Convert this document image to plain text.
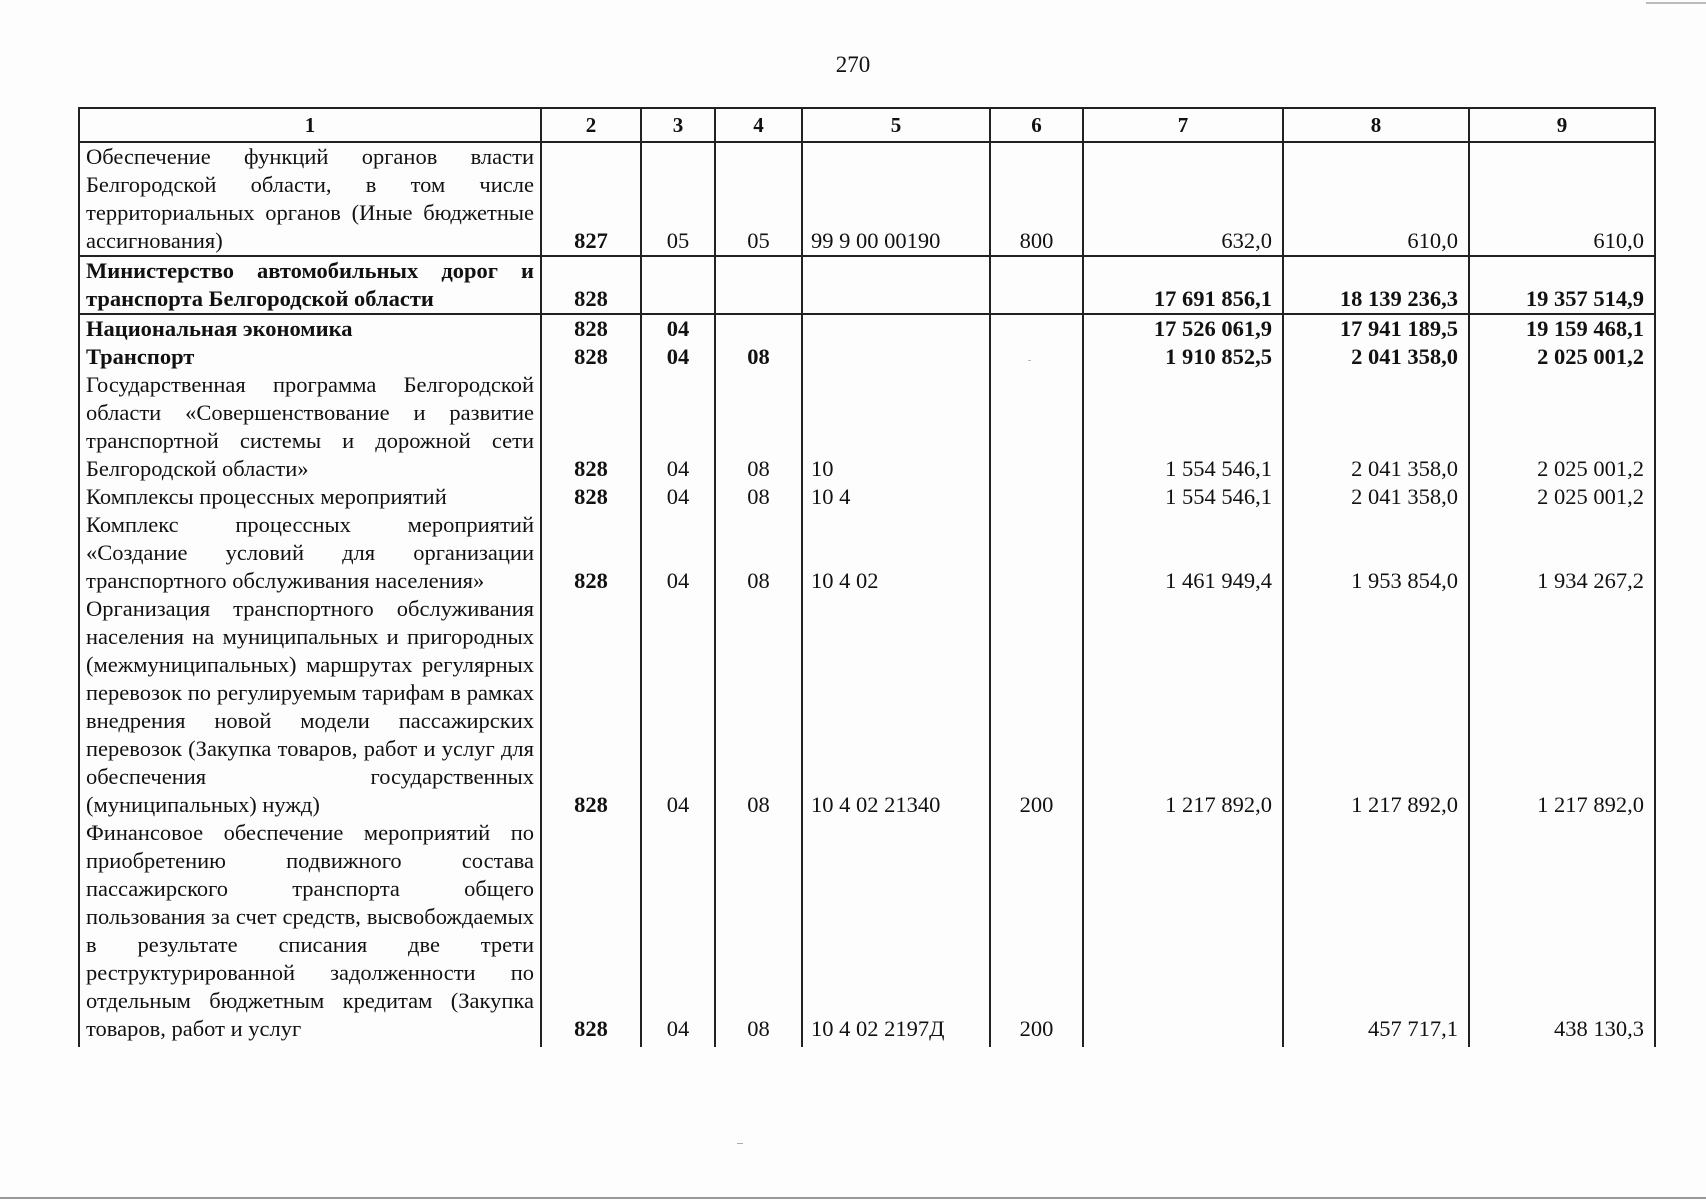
270
1	2	3	4	5	6	7	8	9
Обеспечение функций органов власти Белгородской области, в том числе территориальных органов (Иные бюджетные ассигнования)	827	05	05	99 9 00 00190	800	632,0	610,0	610,0
Министерство автомобильных дорог и транспорта Белгородской области	828					17 691 856,1	18 139 236,3	19 357 514,9
Национальная экономика	828	04				17 526 061,9	17 941 189,5	19 159 468,1
Транспорт	828	04	08			1 910 852,5	2 041 358,0	2 025 001,2
Государственная программа Белгородской области «Совершенствование и развитие транспортной системы и дорожной сети Белгородской области»	828	04	08	10		1 554 546,1	2 041 358,0	2 025 001,2
Комплексы процессных мероприятий	828	04	08	10 4		1 554 546,1	2 041 358,0	2 025 001,2
Комплекс процессных мероприятий «Создание условий для организации транспортного обслуживания населения»	828	04	08	10 4 02		1 461 949,4	1 953 854,0	1 934 267,2
Организация транспортного обслуживания населения на муниципальных и пригородных (межмуниципальных) маршрутах регулярных перевозок по регулируемым тарифам в рамках внедрения новой модели пассажирских перевозок (Закупка товаров, работ и услуг для обеспечения государственных (муниципальных) нужд)	828	04	08	10 4 02 21340	200	1 217 892,0	1 217 892,0	1 217 892,0
Финансовое обеспечение мероприятий по приобретению подвижного состава пассажирского транспорта общего пользования за счет средств, высвобождаемых в результате списания две трети реструктурированной задолженности по отдельным бюджетным кредитам (Закупка товаров, работ и услуг	828	04	08	10 4 02 2197Д	200		457 717,1	438 130,3
